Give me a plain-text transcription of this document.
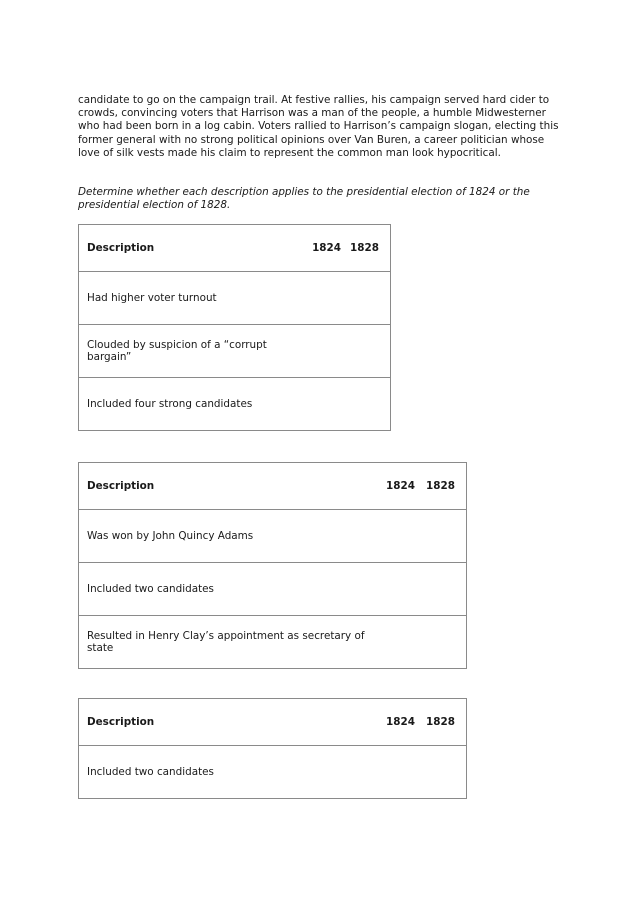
candidate to go on the campaign trail. At festive rallies, his campaign served hard cider to crowds, convincing voters that Harrison was a man of the people, a humble Midwesterner who had been born in a log cabin. Voters rallied to Harrison’s campaign slogan, electing this former general with no strong political opinions over Van Buren, a career politician whose love of silk vests made his claim to represent the common man look hypocritical.

Determine whether each description applies to the presidential election of 1824 or the presidential election of 1828.

Description	1824	1828
Had higher voter turnout		
Clouded by suspicion of a “corrupt bargain”		
Included four strong candidates		
Description	1824	1828
Was won by John Quincy Adams		
Included two candidates		
Resulted in Henry Clay’s appointment as secretary of state		
Description	1824	1828
Included two candidates		
